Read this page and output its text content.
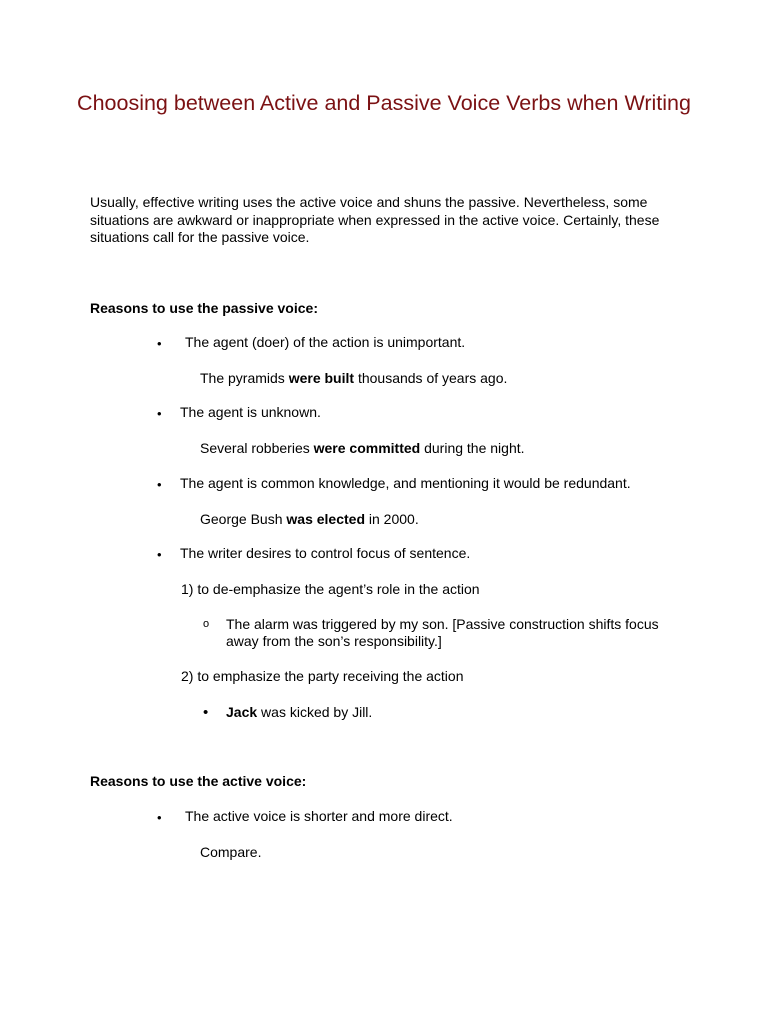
Choosing between Active and Passive Voice Verbs when Writing

Usually, effective writing uses the active voice and shuns the passive. Nevertheless, some situations are awkward or inappropriate when expressed in the active voice. Certainly, these situations call for the passive voice.

Reasons to use the passive voice:

• The agent (doer) of the action is unimportant.

The pyramids were built thousands of years ago.

• The agent is unknown.

Several robberies were committed during the night.

• The agent is common knowledge, and mentioning it would be redundant.

George Bush was elected in 2000.

• The writer desires to control focus of sentence.

1) to de-emphasize the agent’s role in the action

o The alarm was triggered by my son. [Passive construction shifts focus away from the son’s responsibility.]

2) to emphasize the party receiving the action

• Jack was kicked by Jill.

Reasons to use the active voice:

• The active voice is shorter and more direct.

Compare.
